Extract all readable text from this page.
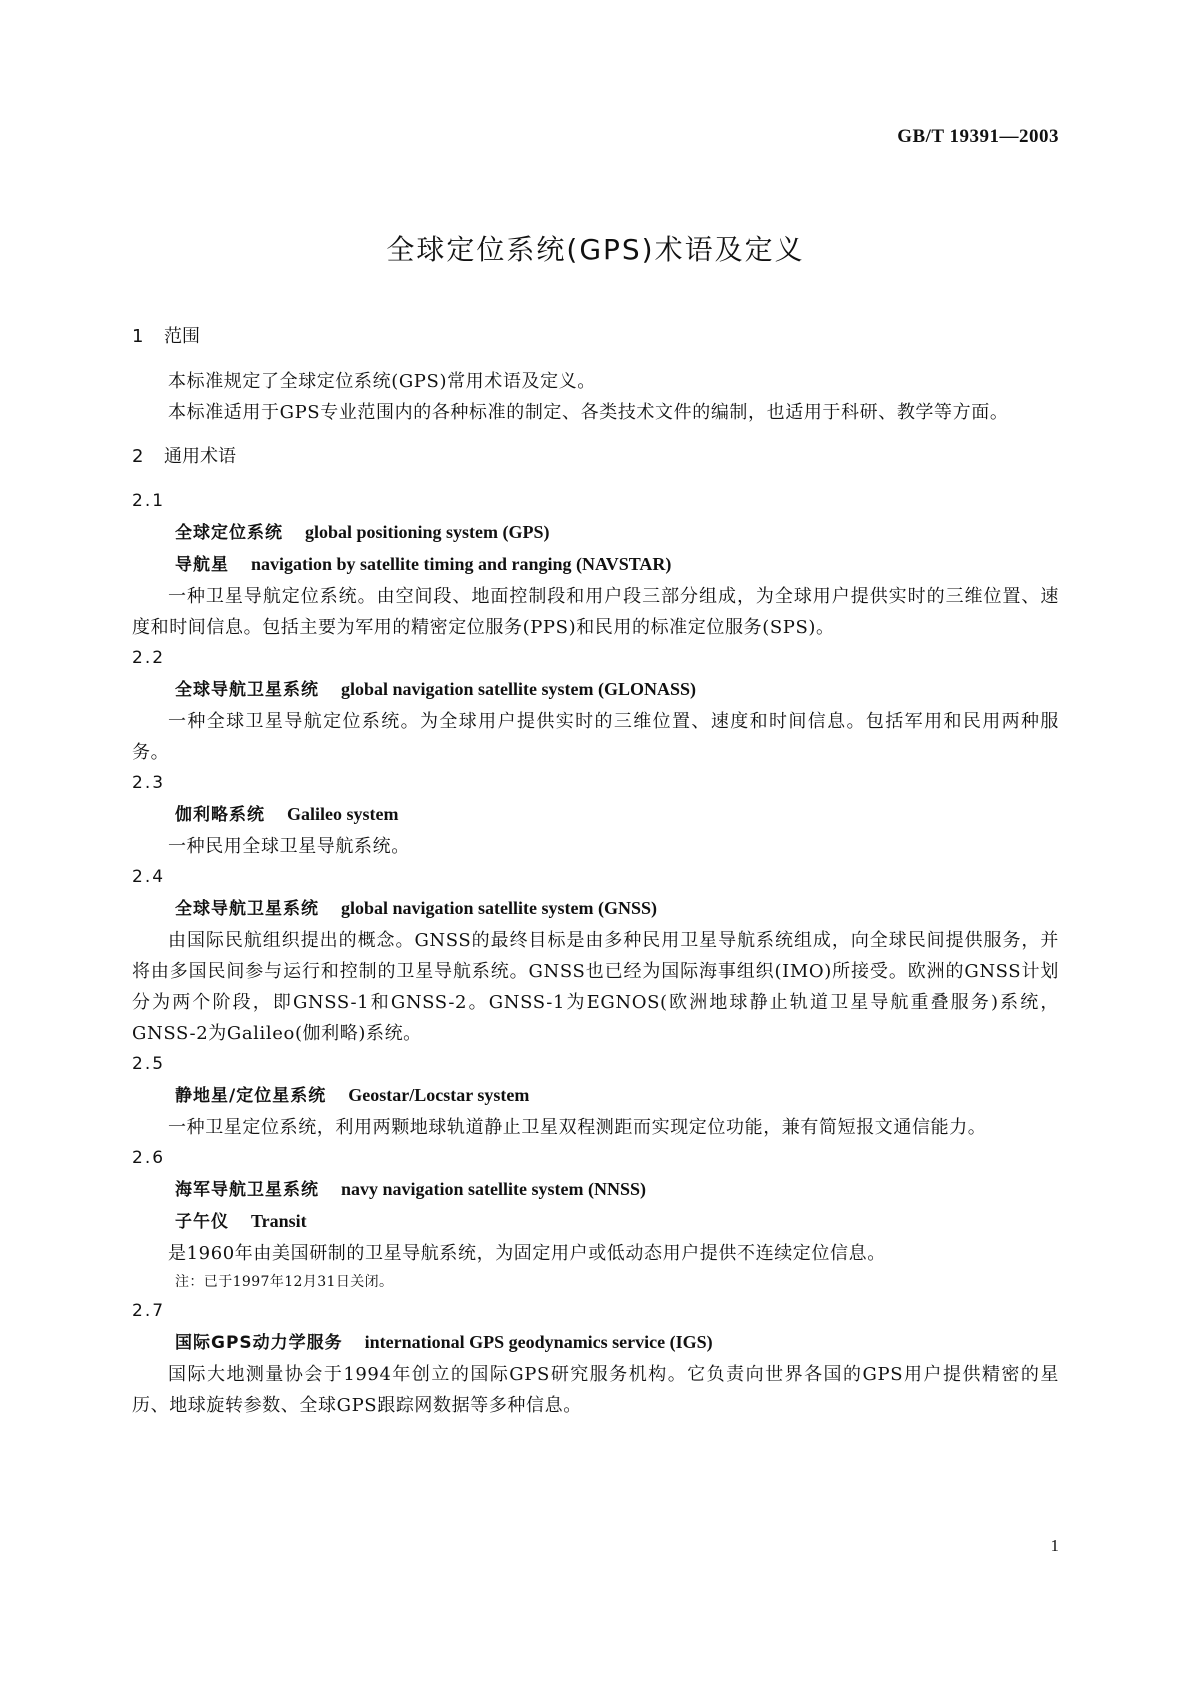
GB/T 19391—2003
全球定位系统(GPS)术语及定义
1 范围

本标准规定了全球定位系统(GPS)常用术语及定义。

本标准适用于GPS专业范围内的各种标准的制定、各类技术文件的编制，也适用于科研、教学等方面。

2 通用术语

2.1

全球定位系统 global positioning system (GPS)

导航星 navigation by satellite timing and ranging (NAVSTAR)

一种卫星导航定位系统。由空间段、地面控制段和用户段三部分组成，为全球用户提供实时的三维位置、速度和时间信息。包括主要为军用的精密定位服务(PPS)和民用的标准定位服务(SPS)。

2.2

全球导航卫星系统 global navigation satellite system (GLONASS)

一种全球卫星导航定位系统。为全球用户提供实时的三维位置、速度和时间信息。包括军用和民用两种服务。

2.3

伽利略系统 Galileo system

一种民用全球卫星导航系统。

2.4

全球导航卫星系统 global navigation satellite system (GNSS)

由国际民航组织提出的概念。GNSS的最终目标是由多种民用卫星导航系统组成，向全球民间提供服务，并将由多国民间参与运行和控制的卫星导航系统。GNSS也已经为国际海事组织(IMO)所接受。欧洲的GNSS计划分为两个阶段，即GNSS-1和GNSS-2。GNSS-1为EGNOS(欧洲地球静止轨道卫星导航重叠服务)系统，GNSS-2为Galileo(伽利略)系统。

2.5

静地星/定位星系统 Geostar/Locstar system

一种卫星定位系统，利用两颗地球轨道静止卫星双程测距而实现定位功能，兼有简短报文通信能力。

2.6

海军导航卫星系统 navy navigation satellite system (NNSS)

子午仪 Transit

是1960年由美国研制的卫星导航系统，为固定用户或低动态用户提供不连续定位信息。

注：已于1997年12月31日关闭。

2.7

国际GPS动力学服务 international GPS geodynamics service (IGS)

国际大地测量协会于1994年创立的国际GPS研究服务机构。它负责向世界各国的GPS用户提供精密的星历、地球旋转参数、全球GPS跟踪网数据等多种信息。

1
